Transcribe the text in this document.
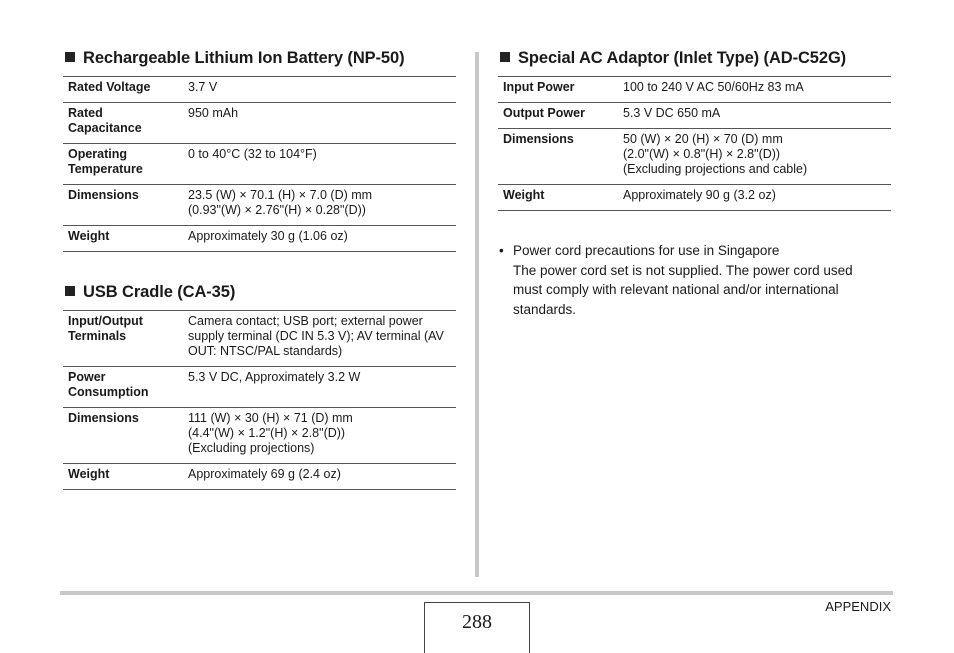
Rechargeable Lithium Ion Battery (NP-50)
Rated Voltage	3.7 V

Rated
Capacitance	950 mAh

Operating
Temperature	0 to 40°C (32 to 104°F)

Dimensions	23.5 (W) × 70.1 (H) × 7.0 (D) mm
(0.93"(W) × 2.76"(H) × 0.28"(D))

Weight	Approximately 30 g (1.06 oz)
USB Cradle (CA-35)
Input/Output
Terminals	Camera contact; USB port; external power
supply terminal (DC IN 5.3 V); AV terminal (AV
OUT: NTSC/PAL standards)

Power
Consumption	5.3 V DC, Approximately 3.2 W

Dimensions	111 (W) × 30 (H) × 71 (D) mm
(4.4"(W) × 1.2"(H) × 2.8"(D))
(Excluding projections)

Weight	Approximately 69 g (2.4 oz)
Special AC Adaptor (Inlet Type) (AD-C52G)
Input Power	100 to 240 V AC 50/60Hz 83 mA

Output Power	5.3 V DC 650 mA

Dimensions	50 (W) × 20 (H) × 70 (D) mm
(2.0"(W) × 0.8"(H) × 2.8"(D))
(Excluding projections and cable)

Weight	Approximately 90 g (3.2 oz)
• Power cord precautions for use in Singapore
The power cord set is not supplied. The power cord used
must comply with relevant national and/or international
standards.
288
APPENDIX
